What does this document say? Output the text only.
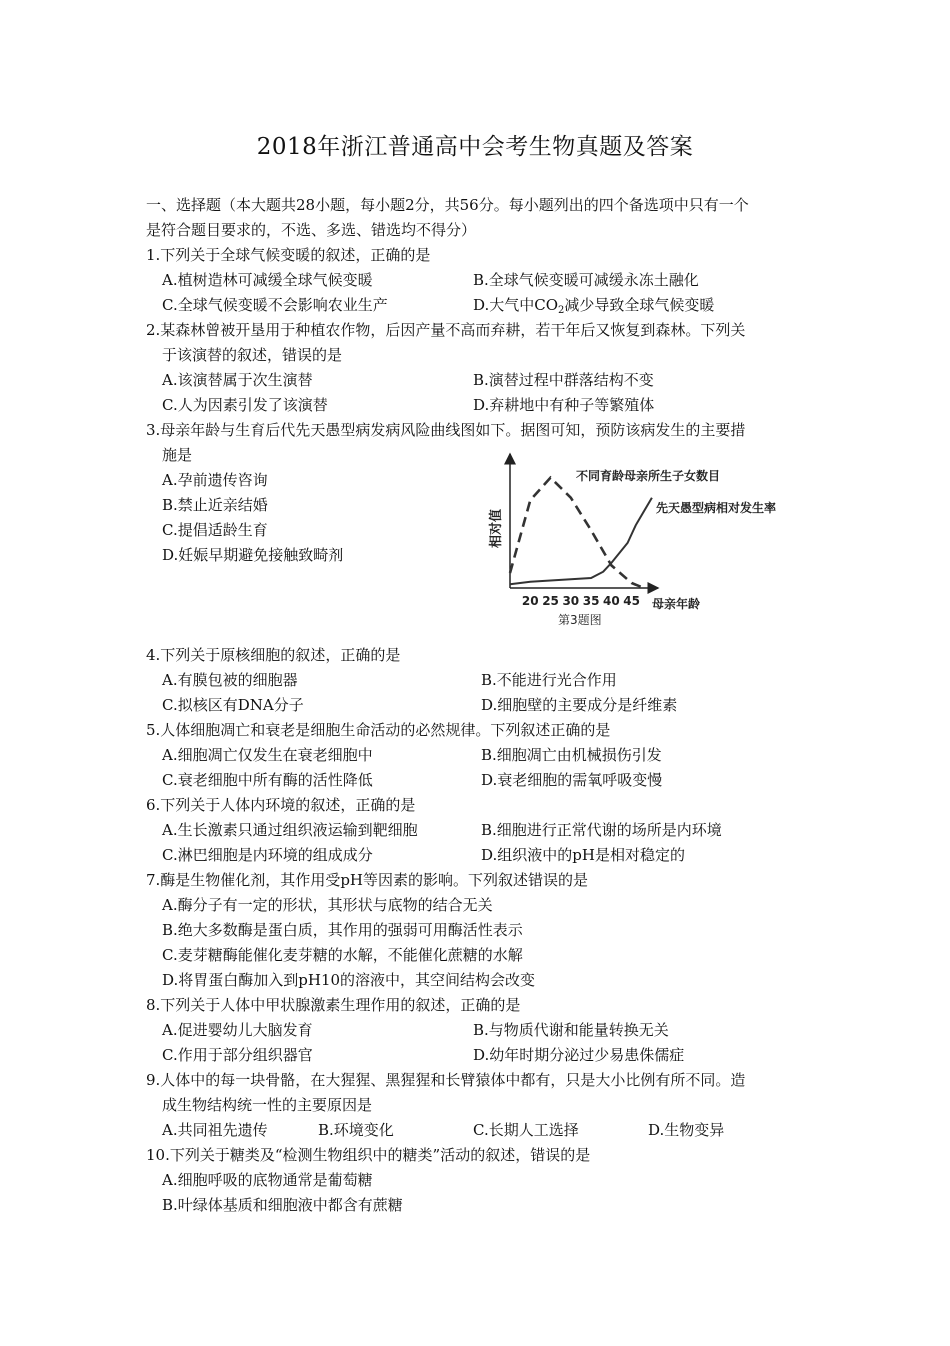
2018年浙江普通高中会考生物真题及答案
一、选择题（本大题共28小题，每小题2分，共56分。每小题列出的四个备选项中只有一个
是符合题目要求的，不选、多选、错选均不得分）
1.下列关于全球气候变暖的叙述，正确的是
A.植树造林可减缓全球气候变暖	B.全球气候变暖可减缓永冻土融化
C.全球气候变暖不会影响农业生产	D.大气中$CO_2$减少导致全球气候变暖
2.某森林曾被开垦用于种植农作物，后因产量不高而弃耕，若干年后又恢复到森林。下列关
于该演替的叙述，错误的是
A.该演替属于次生演替	B.演替过程中群落结构不变
C.人为因素引发了该演替	D.弃耕地中有种子等繁殖体
3.母亲年龄与生育后代先天愚型病发病风险曲线图如下。据图可知，预防该病发生的主要措
施是
A.孕前遗传咨询
B.禁止近亲结婚
C.提倡适龄生育
D.妊娠早期避免接触致畸剂
20 25 30 35 40 45
相对值
母亲年龄
不同育龄母亲所生子女数目
先天愚型病相对发生率
第3题图
4.下列关于原核细胞的叙述，正确的是
A.有膜包被的细胞器	B.不能进行光合作用
C.拟核区有DNA分子	D.细胞壁的主要成分是纤维素
5.人体细胞凋亡和衰老是细胞生命活动的必然规律。下列叙述正确的是
A.细胞凋亡仅发生在衰老细胞中	B.细胞凋亡由机械损伤引发
C.衰老细胞中所有酶的活性降低	D.衰老细胞的需氧呼吸变慢
6.下列关于人体内环境的叙述，正确的是
A.生长激素只通过组织液运输到靶细胞	B.细胞进行正常代谢的场所是内环境
C.淋巴细胞是内环境的组成成分	D.组织液中的pH是相对稳定的
7.酶是生物催化剂，其作用受pH等因素的影响。下列叙述错误的是
A.酶分子有一定的形状，其形状与底物的结合无关
B.绝大多数酶是蛋白质，其作用的强弱可用酶活性表示
C.麦芽糖酶能催化麦芽糖的水解，不能催化蔗糖的水解
D.将胃蛋白酶加入到pH10的溶液中，其空间结构会改变
8.下列关于人体中甲状腺激素生理作用的叙述，正确的是
A.促进婴幼儿大脑发育	B.与物质代谢和能量转换无关
C.作用于部分组织器官	D.幼年时期分泌过少易患侏儒症
9.人体中的每一块骨骼，在大猩猩、黑猩猩和长臂猿体中都有，只是大小比例有所不同。造
成生物结构统一性的主要原因是
A.共同祖先遗传	B.环境变化	C.长期人工选择	D.生物变异
10.下列关于糖类及“检测生物组织中的糖类”活动的叙述，错误的是
A.细胞呼吸的底物通常是葡萄糖
B.叶绿体基质和细胞液中都含有蔗糖
